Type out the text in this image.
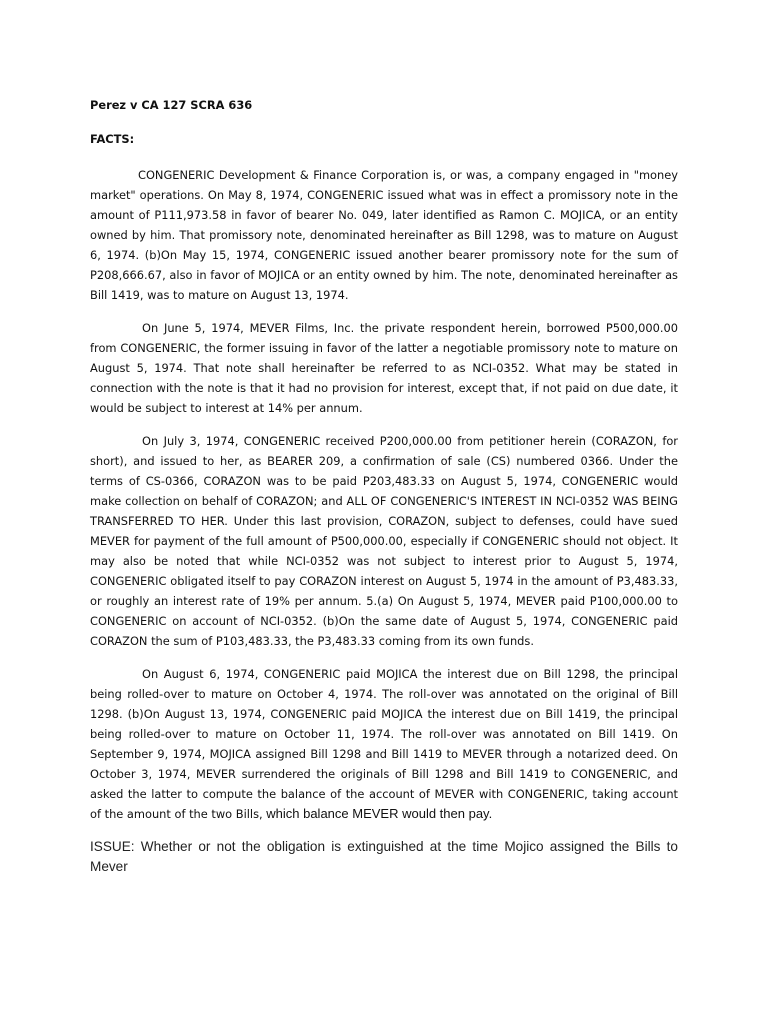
Perez v CA 127 SCRA 636

FACTS:

CONGENERIC Development & Finance Corporation is, or was, a company engaged in "money market" operations. On May 8, 1974, CONGENERIC issued what was in effect a promissory note in the amount of P111,973.58 in favor of bearer No. 049, later identified as Ramon C. MOJICA, or an entity owned by him. That promissory note, denominated hereinafter as Bill 1298, was to mature on August 6, 1974. (b)On May 15, 1974, CONGENERIC issued another bearer promissory note for the sum of P208,666.67, also in favor of MOJICA or an entity owned by him. The note, denominated hereinafter as Bill 1419, was to mature on August 13, 1974.

On June 5, 1974, MEVER Films, Inc. the private respondent herein, borrowed P500,000.00 from CONGENERIC, the former issuing in favor of the latter a negotiable promissory note to mature on August 5, 1974. That note shall hereinafter be referred to as NCI-0352. What may be stated in connection with the note is that it had no provision for interest, except that, if not paid on due date, it would be subject to interest at 14% per annum.

On July 3, 1974, CONGENERIC received P200,000.00 from petitioner herein (CORAZON, for short), and issued to her, as BEARER 209, a confirmation of sale (CS) numbered 0366. Under the terms of CS-0366, CORAZON was to be paid P203,483.33 on August 5, 1974, CONGENERIC would make collection on behalf of CORAZON; and ALL OF CONGENERIC'S INTEREST IN NCI-0352 WAS BEING TRANSFERRED TO HER. Under this last provision, CORAZON, subject to defenses, could have sued MEVER for payment of the full amount of P500,000.00, especially if CONGENERIC should not object. It may also be noted that while NCI-0352 was not subject to interest prior to August 5, 1974, CONGENERIC obligated itself to pay CORAZON interest on August 5, 1974 in the amount of P3,483.33, or roughly an interest rate of 19% per annum. 5.(a) On August 5, 1974, MEVER paid P100,000.00 to CONGENERIC on account of NCI-0352. (b)On the same date of August 5, 1974, CONGENERIC paid CORAZON the sum of P103,483.33, the P3,483.33 coming from its own funds.

On August 6, 1974, CONGENERIC paid MOJICA the interest due on Bill 1298, the principal being rolled-over to mature on October 4, 1974. The roll-over was annotated on the original of Bill 1298. (b)On August 13, 1974, CONGENERIC paid MOJICA the interest due on Bill 1419, the principal being rolled-over to mature on October 11, 1974. The roll-over was annotated on Bill 1419. On September 9, 1974, MOJICA assigned Bill 1298 and Bill 1419 to MEVER through a notarized deed. On October 3, 1974, MEVER surrendered the originals of Bill 1298 and Bill 1419 to CONGENERIC, and asked the latter to compute the balance of the account of MEVER with CONGENERIC, taking account of the amount of the two Bills, which balance MEVER would then pay.

ISSUE: Whether or not the obligation is extinguished at the time Mojico assigned the Bills to Mever
